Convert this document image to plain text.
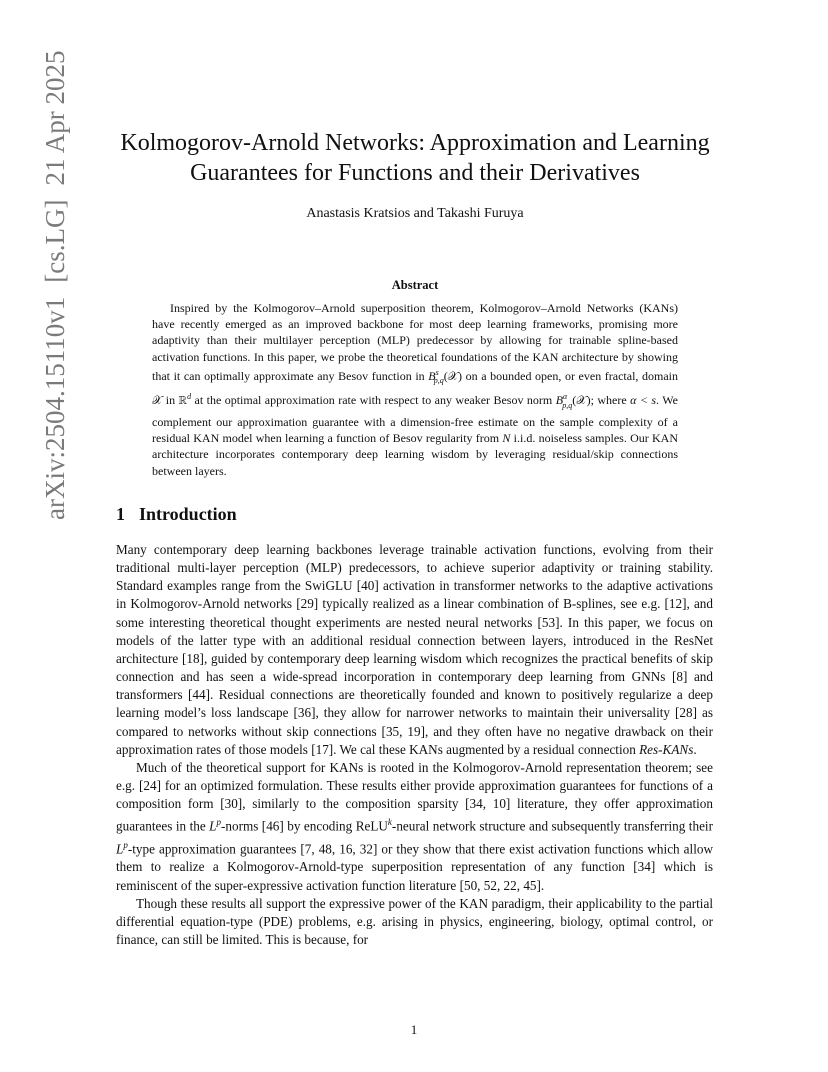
arXiv:2504.15110v1[cs.LG]21 Apr 2025	Kolmogorov-Arnold Networks: Approximation and Learning Guarantees for Functions and their Derivatives
Anastasis Kratsios and Takashi Furuya
Abstract
Inspired by the Kolmogorov–Arnold superposition theorem, Kolmogorov–Arnold Networks (KANs) have recently emerged as an improved backbone for most deep learning frameworks, promising more adaptivity than their multilayer perception (MLP) predecessor by allowing for trainable spline-based activation functions. In this paper, we probe the theoretical foundations of the KAN architecture by showing that it can optimally approximate any Besov function in $B^s_{p,q}(𝒳)$ on a bounded open, or even fractal, domain 𝒳 in ℝ$^d$ at the optimal approximation rate with respect to any weaker Besov norm $B^\alpha_{p,q}(𝒳)$; where α < s. We complement our approximation guarantee with a dimension-free estimate on the sample complexity of a residual KAN model when learning a function of Besov regularity from N i.i.d. noiseless samples. Our KAN architecture incorporates contemporary deep learning wisdom by leveraging residual/skip connections between layers.
1 Introduction

Many contemporary deep learning backbones leverage trainable activation functions, evolving from their traditional multi-layer perception (MLP) predecessors, to achieve superior adaptivity or training stability. Standard examples range from the SwiGLU [40] activation in transformer networks to the adaptive activations in Kolmogorov-Arnold networks [29] typically realized as a linear combination of B-splines, see e.g. [12], and some interesting theoretical thought experiments are nested neural networks [53]. In this paper, we focus on models of the latter type with an additional residual connection between layers, introduced in the ResNet architecture [18], guided by contemporary deep learning wisdom which recognizes the practical benefits of skip connection and has seen a wide-spread incorporation in contemporary deep learning from GNNs [8] and transformers [44]. Residual connections are theoretically founded and known to positively regularize a deep learning model’s loss landscape [36], they allow for narrower networks to maintain their universality [28] as compared to networks without skip connections [35, 19], and they often have no negative drawback on their approximation rates of those models [17]. We cal these KANs augmented by a residual connection Res-KANs.

Much of the theoretical support for KANs is rooted in the Kolmogorov-Arnold representation theorem; see e.g. [24] for an optimized formulation. These results either provide approximation guarantees for functions of a composition form [30], similarly to the composition sparsity [34, 10] literature, they offer approximation guarantees in the $L^p$-norms [46] by encoding ReLU$^k$-neural network structure and subsequently transferring their $L^p$-type approximation guarantees [7, 48, 16, 32] or they show that there exist activation functions which allow them to realize a Kolmogorov-Arnold-type superposition representation of any function [34] which is reminiscent of the super-expressive activation function literature [50, 52, 22, 45].

Though these results all support the expressive power of the KAN paradigm, their applicability to the partial differential equation-type (PDE) problems, e.g. arising in physics, engineering, biology, optimal control, or finance, can still be limited. This is because, for

1
